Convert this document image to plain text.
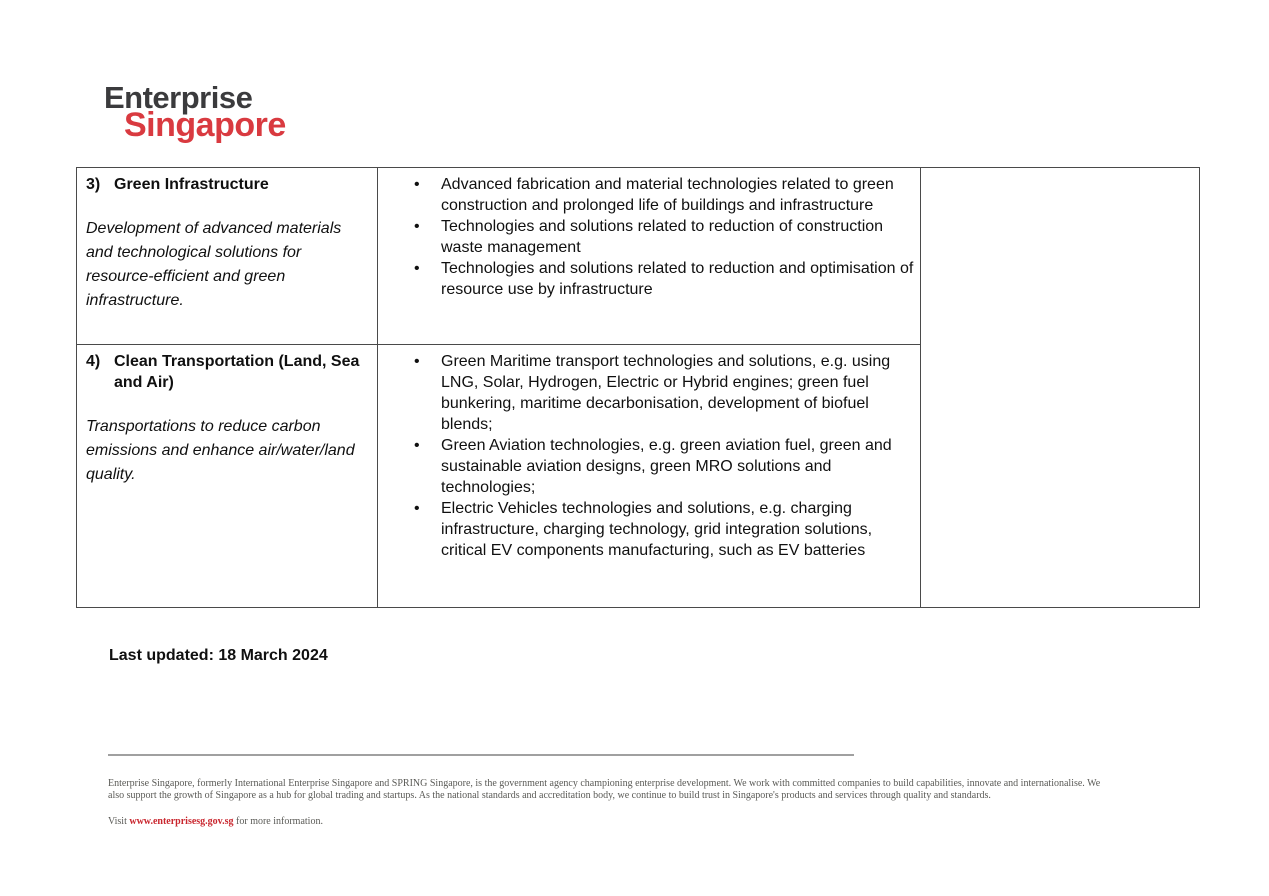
Enterprise
Singapore
3) Green Infrastructure
Development of advanced materials and technological solutions for resource-efficient and green infrastructure.

•	Advanced fabrication and material technologies related to green construction and prolonged life of buildings and infrastructure
•	Technologies and solutions related to reduction of construction waste management
•	Technologies and solutions related to reduction and optimisation of resource use by infrastructure

4) Clean Transportation (Land, Sea and Air)
Transportations to reduce carbon emissions and enhance air/water/land quality.

•	Green Maritime transport technologies and solutions, e.g. using LNG, Solar, Hydrogen, Electric or Hybrid engines; green fuel bunkering, maritime decarbonisation, development of biofuel blends;
•	Green Aviation technologies, e.g. green aviation fuel, green and sustainable aviation designs, green MRO solutions and technologies;
•	Electric Vehicles technologies and solutions, e.g. charging infrastructure, charging technology, grid integration solutions, critical EV components manufacturing, such as EV batteries
Last updated: 18 March 2024
Enterprise Singapore, formerly International Enterprise Singapore and SPRING Singapore, is the government agency championing enterprise development. We work with committed companies to build capabilities, innovate and internationalise. We
also support the growth of Singapore as a hub for global trading and startups. As the national standards and accreditation body, we continue to build trust in Singapore's products and services through quality and standards.
Visit www.enterprisesg.gov.sg for more information.
